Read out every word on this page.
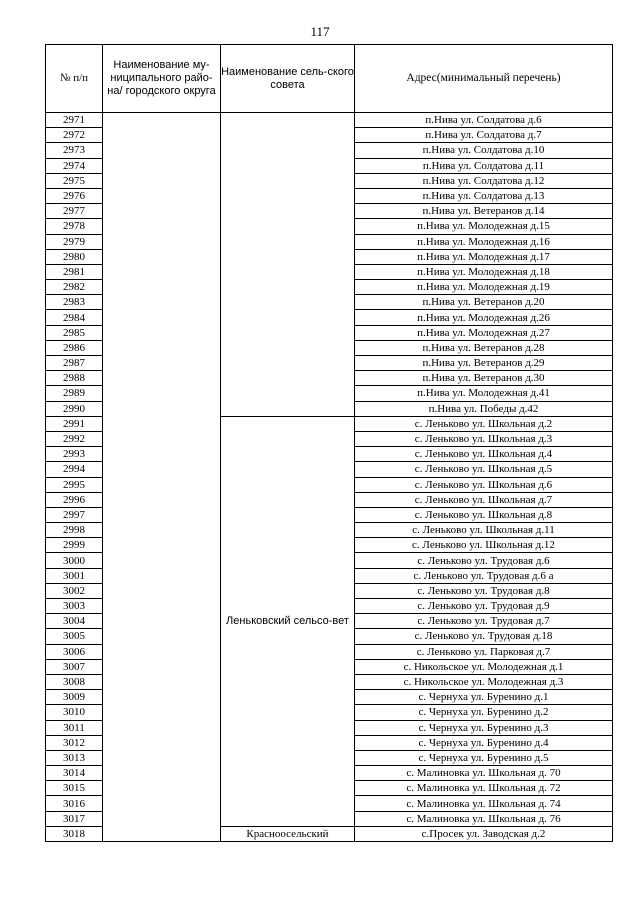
117
№ п/п	Наименование му-ниципального райо-на/ городского округа	Наименование сель-ского совета	Адрес(минимальный перечень)
2971			п.Нива ул. Солдатова д.6
2972			п.Нива ул. Солдатова д.7
2973			п.Нива ул. Солдатова д.10
2974			п.Нива ул. Солдатова д.11
2975			п.Нива ул. Солдатова д.12
2976			п.Нива ул. Солдатова д.13
2977			п.Нива ул. Ветеранов д.14
2978			п.Нива ул. Молодежная д.15
2979			п.Нива ул. Молодежная д.16
2980			п.Нива ул. Молодежная д.17
2981			п.Нива ул. Молодежная д.18
2982			п.Нива ул. Молодежная д.19
2983			п.Нива ул. Ветеранов д.20
2984			п.Нива ул. Молодежная д.26
2985			п.Нива ул. Молодежная д.27
2986			п.Нива ул. Ветеранов д.28
2987			п.Нива ул. Ветеранов д.29
2988			п.Нива ул. Ветеранов д.30
2989			п.Нива ул. Молодежная д.41
2990			п.Нива ул. Победы д.42
2991		Леньковский сельсо-вет	с. Леньково ул. Школьная д.2
2992			с. Леньково ул. Школьная д.3
2993			с. Леньково ул. Школьная д.4
2994			с. Леньково ул. Школьная д.5
2995			с. Леньково ул. Школьная д.6
2996			с. Леньково ул. Школьная д.7
2997			с. Леньково ул. Школьная д.8
2998			с. Леньково ул. Школьная д.11
2999			с. Леньково ул. Школьная д.12
3000			с. Леньково ул. Трудовая д.6
3001			с. Леньково ул. Трудовая д.6 а
3002			с. Леньково ул. Трудовая д.8
3003			с. Леньково ул. Трудовая д.9
3004			с. Леньково ул. Трудовая д.7
3005			с. Леньково ул. Трудовая д.18
3006			с. Леньково ул. Парковая д.7
3007			с. Никольское ул. Молодежная д.1
3008			с. Никольское ул. Молодежная д.3
3009			с. Чернуха ул. Буренино д.1
3010			с. Чернуха ул. Буренино д.2
3011			с. Чернуха ул. Буренино д.3
3012			с. Чернуха ул. Буренино д.4
3013			с. Чернуха ул. Буренино д.5
3014			с. Малиновка ул. Школьная д. 70
3015			с. Малиновка ул. Школьная д. 72
3016			с. Малиновка ул. Школьная д. 74
3017			с. Малиновка ул. Школьная д. 76
3018		Красноосельский	с.Просек ул. Заводская д.2
